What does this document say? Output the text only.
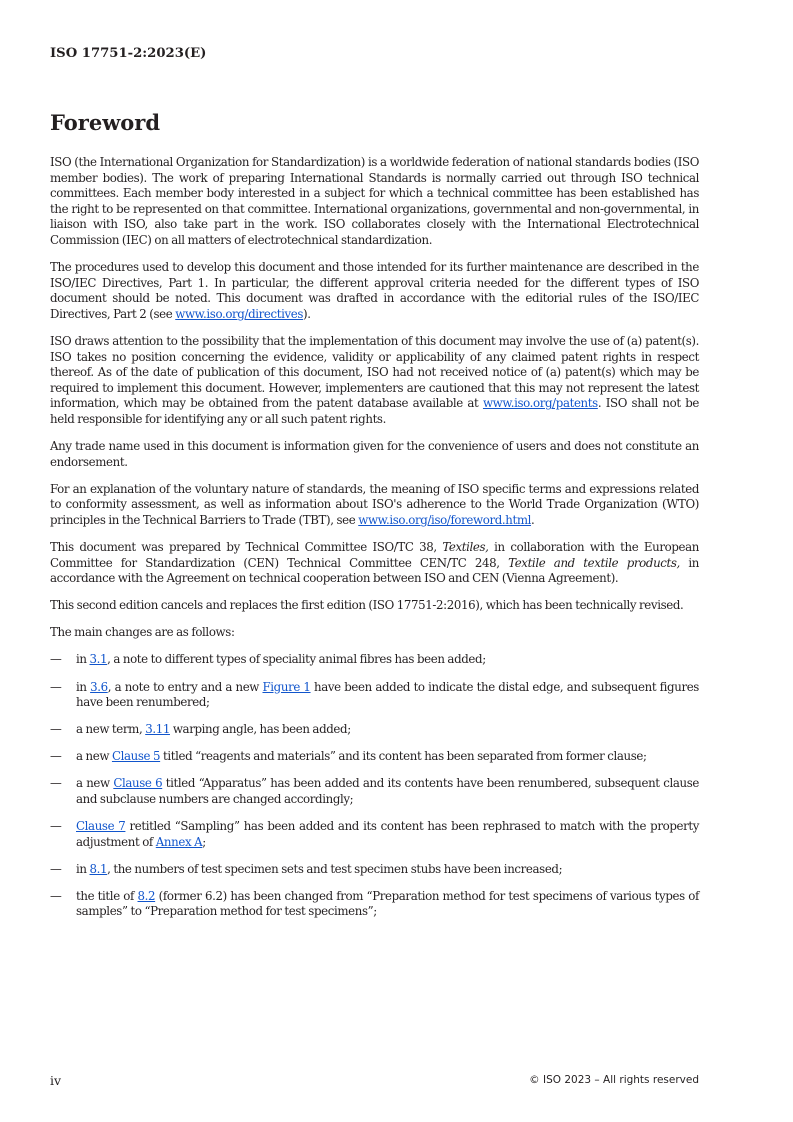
ISO 17751-2:2023(E)
Foreword

ISO (the International Organization for Standardization) is a worldwide federation of national standards bodies (ISO member bodies). The work of preparing International Standards is normally carried out through ISO technical committees. Each member body interested in a subject for which a technical committee has been established has the right to be represented on that committee. International organizations, governmental and non-governmental, in liaison with ISO, also take part in the work. ISO collaborates closely with the International Electrotechnical Commission (IEC) on all matters of electrotechnical standardization.

The procedures used to develop this document and those intended for its further maintenance are described in the ISO/IEC Directives, Part 1. In particular, the different approval criteria needed for the different types of ISO document should be noted. This document was drafted in accordance with the editorial rules of the ISO/IEC Directives, Part 2 (see www.iso.org/directives).

ISO draws attention to the possibility that the implementation of this document may involve the use of (a) patent(s). ISO takes no position concerning the evidence, validity or applicability of any claimed patent rights in respect thereof. As of the date of publication of this document, ISO had not received notice of (a) patent(s) which may be required to implement this document. However, implementers are cautioned that this may not represent the latest information, which may be obtained from the patent database available at www.iso.org/patents. ISO shall not be held responsible for identifying any or all such patent rights.

Any trade name used in this document is information given for the convenience of users and does not constitute an endorsement.

For an explanation of the voluntary nature of standards, the meaning of ISO specific terms and expressions related to conformity assessment, as well as information about ISO's adherence to the World Trade Organization (WTO) principles in the Technical Barriers to Trade (TBT), see www.iso.org/iso/foreword.html.

This document was prepared by Technical Committee ISO/TC 38, Textiles, in collaboration with the European Committee for Standardization (CEN) Technical Committee CEN/TC 248, Textile and textile products, in accordance with the Agreement on technical cooperation between ISO and CEN (Vienna Agreement).

This second edition cancels and replaces the first edition (ISO 17751-2:2016), which has been technically revised.

The main changes are as follows:

— in 3.1, a note to different types of speciality animal fibres has been added;
— in 3.6, a note to entry and a new Figure 1 have been added to indicate the distal edge, and subsequent figures have been renumbered;
— a new term, 3.11 warping angle, has been added;
— a new Clause 5 titled “reagents and materials” and its content has been separated from former clause;
— a new Clause 6 titled “Apparatus” has been added and its contents have been renumbered, subsequent clause and subclause numbers are changed accordingly;
— Clause 7 retitled “Sampling” has been added and its content has been rephrased to match with the property adjustment of Annex A;
— in 8.1, the numbers of test specimen sets and test specimen stubs have been increased;
— the title of 8.2 (former 6.2) has been changed from “Preparation method for test specimens of various types of samples” to “Preparation method for test specimens”;
iv	© ISO 2023 – All rights reserved
